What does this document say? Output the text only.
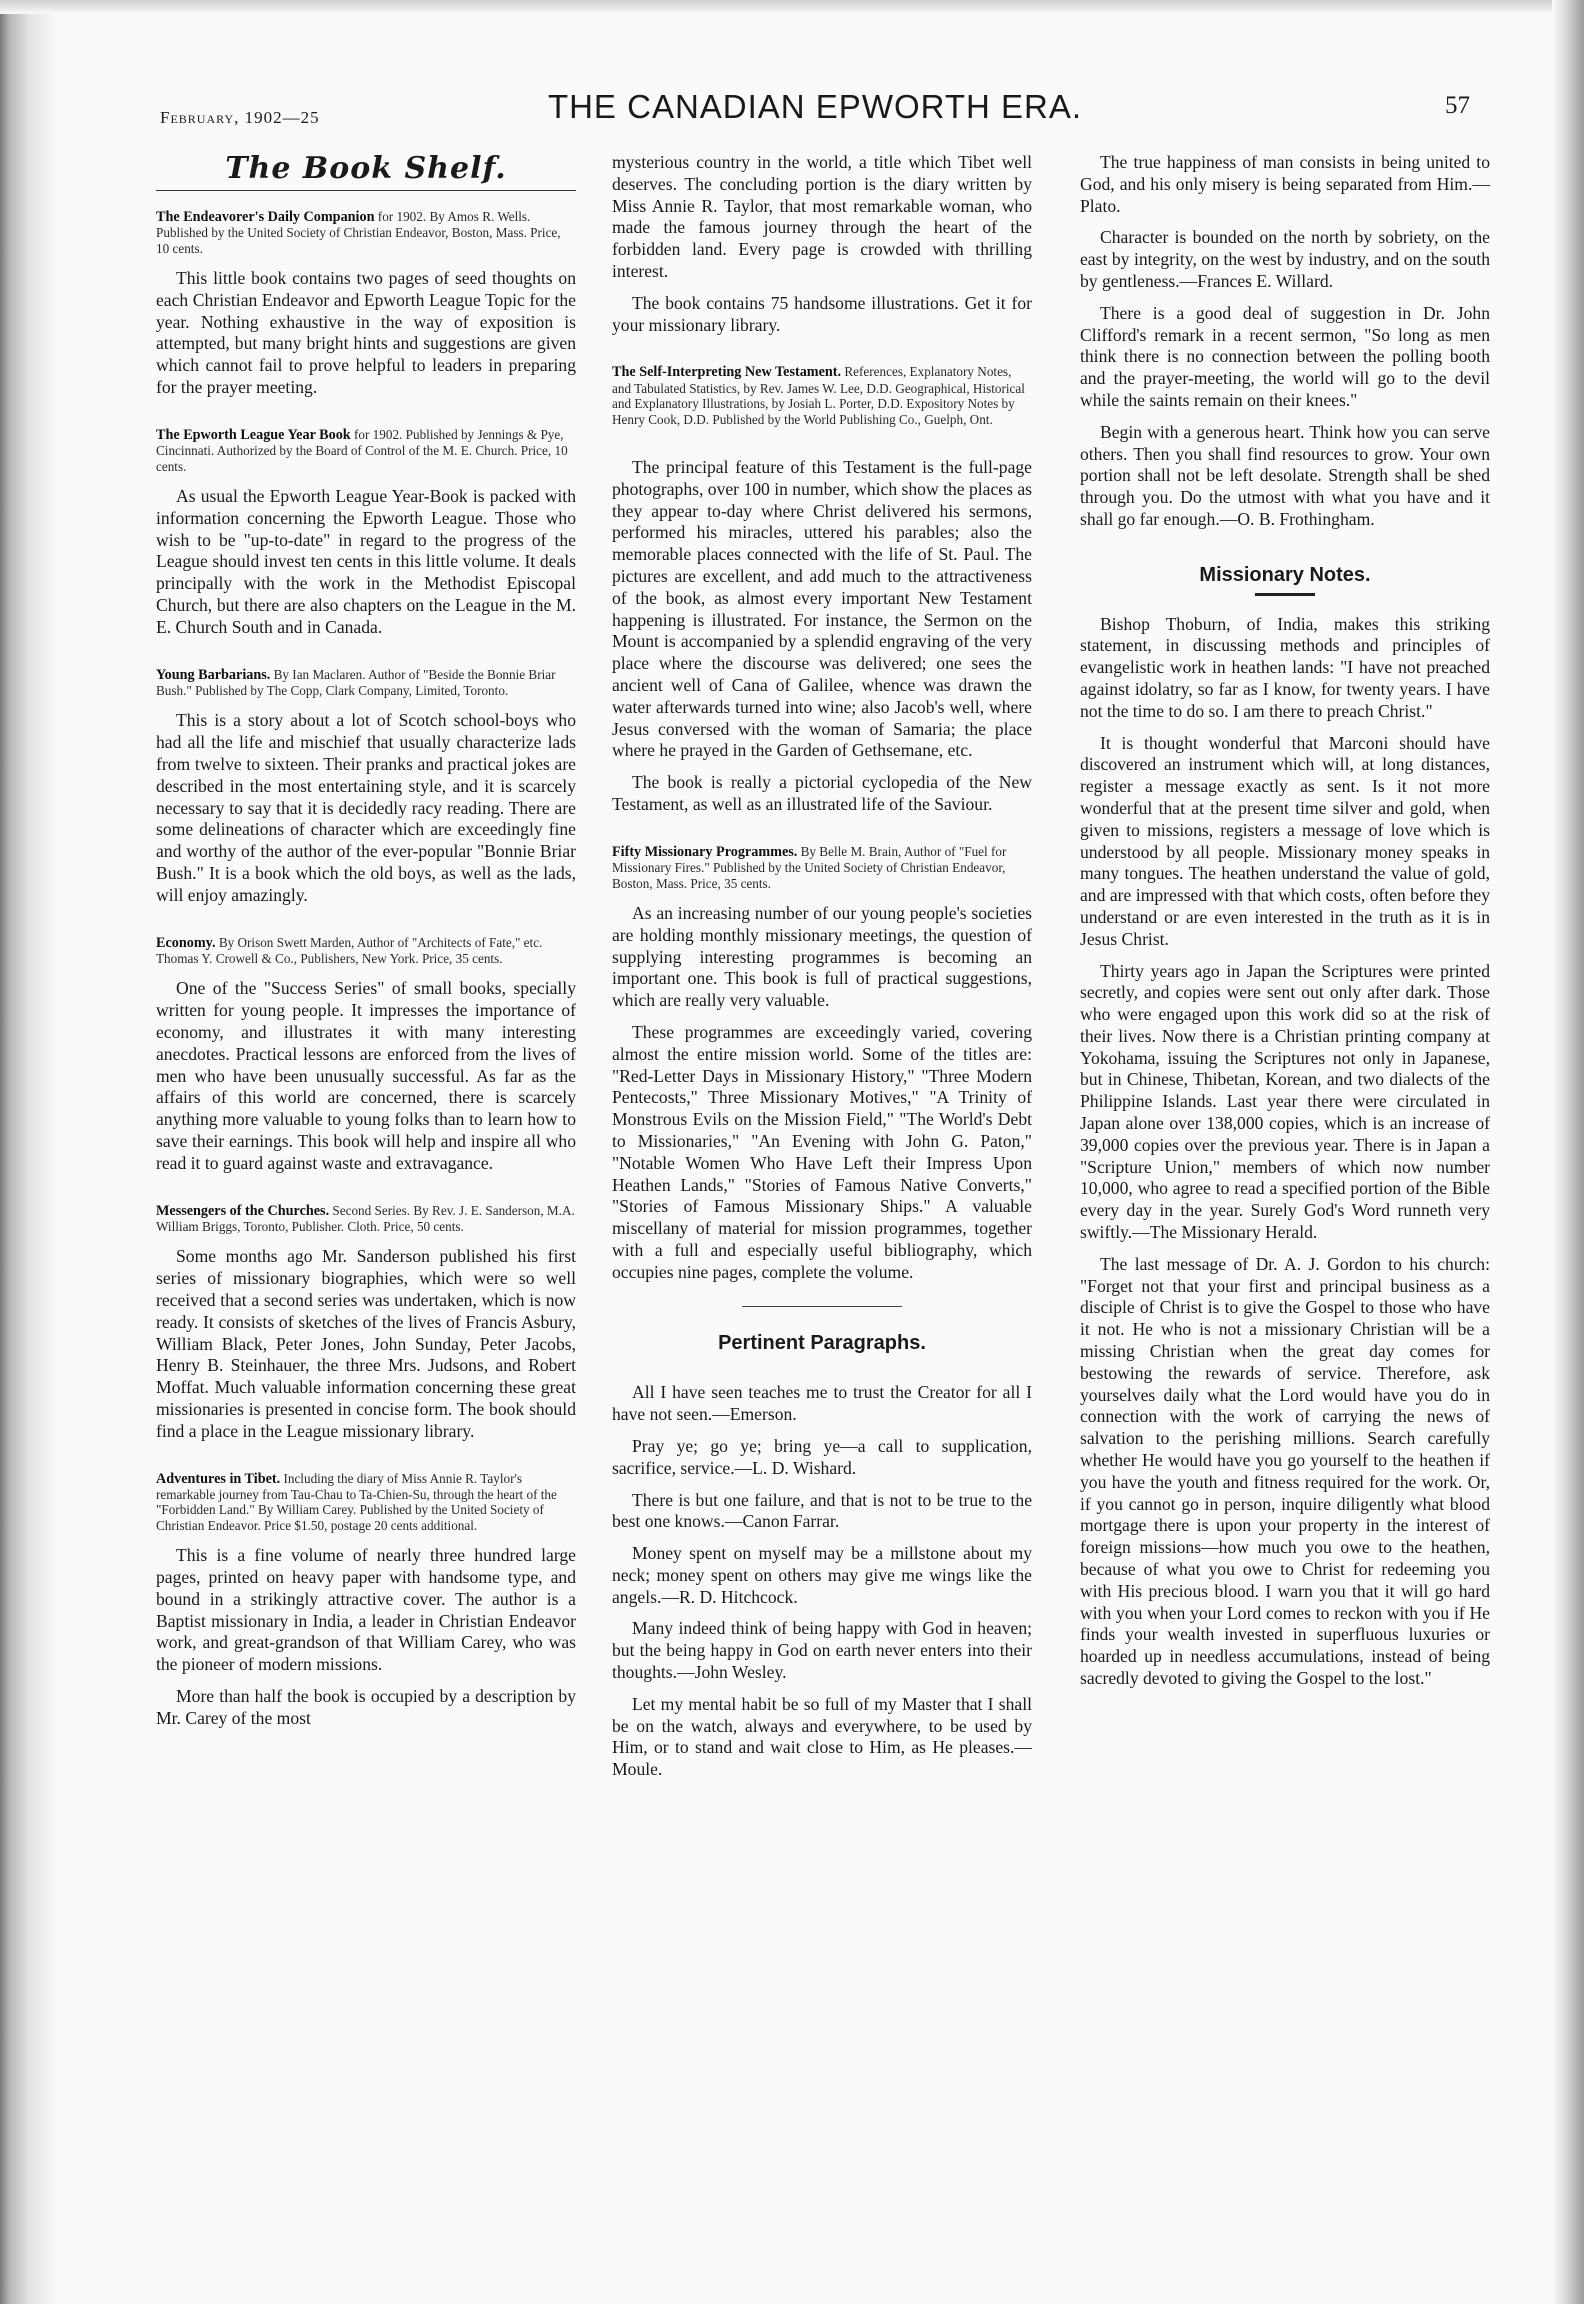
February, 1902—25	THE CANADIAN EPWORTH ERA.	57
The Book Shelf.
The Endeavorer's Daily Companion for 1902. By Amos R. Wells. Published by the United Society of Christian Endeavor, Boston, Mass. Price, 10 cents.

This little book contains two pages of seed thoughts on each Christian Endeavor and Epworth League Topic for the year. Nothing exhaustive in the way of exposition is attempted, but many bright hints and suggestions are given which cannot fail to prove helpful to leaders in preparing for the prayer meeting.

The Epworth League Year Book for 1902. Published by Jennings & Pye, Cincinnati. Authorized by the Board of Control of the M. E. Church. Price, 10 cents.

As usual the Epworth League Year-Book is packed with information concerning the Epworth League. Those who wish to be "up-to-date" in regard to the progress of the League should invest ten cents in this little volume. It deals principally with the work in the Methodist Episcopal Church, but there are also chapters on the League in the M. E. Church South and in Canada.

Young Barbarians. By Ian Maclaren. Author of "Beside the Bonnie Briar Bush." Published by The Copp, Clark Company, Limited, Toronto.

This is a story about a lot of Scotch school-boys who had all the life and mischief that usually characterize lads from twelve to sixteen. Their pranks and practical jokes are described in the most entertaining style, and it is scarcely necessary to say that it is decidedly racy reading. There are some delineations of character which are exceedingly fine and worthy of the author of the ever-popular "Bonnie Briar Bush." It is a book which the old boys, as well as the lads, will enjoy amazingly.

Economy. By Orison Swett Marden, Author of "Architects of Fate," etc. Thomas Y. Crowell & Co., Publishers, New York. Price, 35 cents.

One of the "Success Series" of small books, specially written for young people. It impresses the importance of economy, and illustrates it with many interesting anecdotes. Practical lessons are enforced from the lives of men who have been unusually successful. As far as the affairs of this world are concerned, there is scarcely anything more valuable to young folks than to learn how to save their earnings. This book will help and inspire all who read it to guard against waste and extravagance.

Messengers of the Churches. Second Series. By Rev. J. E. Sanderson, M.A. William Briggs, Toronto, Publisher. Cloth. Price, 50 cents.

Some months ago Mr. Sanderson published his first series of missionary biographies, which were so well received that a second series was undertaken, which is now ready. It consists of sketches of the lives of Francis Asbury, William Black, Peter Jones, John Sunday, Peter Jacobs, Henry B. Steinhauer, the three Mrs. Judsons, and Robert Moffat. Much valuable information concerning these great missionaries is presented in concise form. The book should find a place in the League missionary library.

Adventures in Tibet. Including the diary of Miss Annie R. Taylor's remarkable journey from Tau-Chau to Ta-Chien-Su, through the heart of the "Forbidden Land." By William Carey. Published by the United Society of Christian Endeavor. Price $1.50, postage 20 cents additional.

This is a fine volume of nearly three hundred large pages, printed on heavy paper with handsome type, and bound in a strikingly attractive cover. The author is a Baptist missionary in India, a leader in Christian Endeavor work, and great-grandson of that William Carey, who was the pioneer of modern missions.

More than half the book is occupied by a description by Mr. Carey of the most

mysterious country in the world, a title which Tibet well deserves. The concluding portion is the diary written by Miss Annie R. Taylor, that most remarkable woman, who made the famous journey through the heart of the forbidden land. Every page is crowded with thrilling interest.

The book contains 75 handsome illustrations. Get it for your missionary library.

The Self-Interpreting New Testament. References, Explanatory Notes, and Tabulated Statistics, by Rev. James W. Lee, D.D. Geographical, Historical and Explanatory Illustrations, by Josiah L. Porter, D.D. Expository Notes by Henry Cook, D.D. Published by the World Publishing Co., Guelph, Ont.

The principal feature of this Testament is the full-page photographs, over 100 in number, which show the places as they appear to-day where Christ delivered his sermons, performed his miracles, uttered his parables; also the memorable places connected with the life of St. Paul. The pictures are excellent, and add much to the attractiveness of the book, as almost every important New Testament happening is illustrated. For instance, the Sermon on the Mount is accompanied by a splendid engraving of the very place where the discourse was delivered; one sees the ancient well of Cana of Galilee, whence was drawn the water afterwards turned into wine; also Jacob's well, where Jesus conversed with the woman of Samaria; the place where he prayed in the Garden of Gethsemane, etc.

The book is really a pictorial cyclopedia of the New Testament, as well as an illustrated life of the Saviour.

Fifty Missionary Programmes. By Belle M. Brain, Author of "Fuel for Missionary Fires." Published by the United Society of Christian Endeavor, Boston, Mass. Price, 35 cents.

As an increasing number of our young people's societies are holding monthly missionary meetings, the question of supplying interesting programmes is becoming an important one. This book is full of practical suggestions, which are really very valuable.

These programmes are exceedingly varied, covering almost the entire mission world. Some of the titles are: "Red-Letter Days in Missionary History," "Three Modern Pentecosts," Three Missionary Motives," "A Trinity of Monstrous Evils on the Mission Field," "The World's Debt to Missionaries," "An Evening with John G. Paton," "Notable Women Who Have Left their Impress Upon Heathen Lands," "Stories of Famous Native Converts," "Stories of Famous Missionary Ships." A valuable miscellany of material for mission programmes, together with a full and especially useful bibliography, which occupies nine pages, complete the volume.

Pertinent Paragraphs.

All I have seen teaches me to trust the Creator for all I have not seen.—Emerson.

Pray ye; go ye; bring ye—a call to supplication, sacrifice, service.—L. D. Wishard.

There is but one failure, and that is not to be true to the best one knows.—Canon Farrar.

Money spent on myself may be a millstone about my neck; money spent on others may give me wings like the angels.—R. D. Hitchcock.

Many indeed think of being happy with God in heaven; but the being happy in God on earth never enters into their thoughts.—John Wesley.

Let my mental habit be so full of my Master that I shall be on the watch, always and everywhere, to be used by Him, or to stand and wait close to Him, as He pleases.—Moule.

The true happiness of man consists in being united to God, and his only misery is being separated from Him.—Plato.

Character is bounded on the north by sobriety, on the east by integrity, on the west by industry, and on the south by gentleness.—Frances E. Willard.

There is a good deal of suggestion in Dr. John Clifford's remark in a recent sermon, "So long as men think there is no connection between the polling booth and the prayer-meeting, the world will go to the devil while the saints remain on their knees."

Begin with a generous heart. Think how you can serve others. Then you shall find resources to grow. Your own portion shall not be left desolate. Strength shall be shed through you. Do the utmost with what you have and it shall go far enough.—O. B. Frothingham.

Missionary Notes.

Bishop Thoburn, of India, makes this striking statement, in discussing methods and principles of evangelistic work in heathen lands: "I have not preached against idolatry, so far as I know, for twenty years. I have not the time to do so. I am there to preach Christ."

It is thought wonderful that Marconi should have discovered an instrument which will, at long distances, register a message exactly as sent. Is it not more wonderful that at the present time silver and gold, when given to missions, registers a message of love which is understood by all people. Missionary money speaks in many tongues. The heathen understand the value of gold, and are impressed with that which costs, often before they understand or are even interested in the truth as it is in Jesus Christ.

Thirty years ago in Japan the Scriptures were printed secretly, and copies were sent out only after dark. Those who were engaged upon this work did so at the risk of their lives. Now there is a Christian printing company at Yokohama, issuing the Scriptures not only in Japanese, but in Chinese, Thibetan, Korean, and two dialects of the Philippine Islands. Last year there were circulated in Japan alone over 138,000 copies, which is an increase of 39,000 copies over the previous year. There is in Japan a "Scripture Union," members of which now number 10,000, who agree to read a specified portion of the Bible every day in the year. Surely God's Word runneth very swiftly.—The Missionary Herald.

The last message of Dr. A. J. Gordon to his church: "Forget not that your first and principal business as a disciple of Christ is to give the Gospel to those who have it not. He who is not a missionary Christian will be a missing Christian when the great day comes for bestowing the rewards of service. Therefore, ask yourselves daily what the Lord would have you do in connection with the work of carrying the news of salvation to the perishing millions. Search carefully whether He would have you go yourself to the heathen if you have the youth and fitness required for the work. Or, if you cannot go in person, inquire diligently what blood mortgage there is upon your property in the interest of foreign missions—how much you owe to the heathen, because of what you owe to Christ for redeeming you with His precious blood. I warn you that it will go hard with you when your Lord comes to reckon with you if He finds your wealth invested in superfluous luxuries or hoarded up in needless accumulations, instead of being sacredly devoted to giving the Gospel to the lost."
